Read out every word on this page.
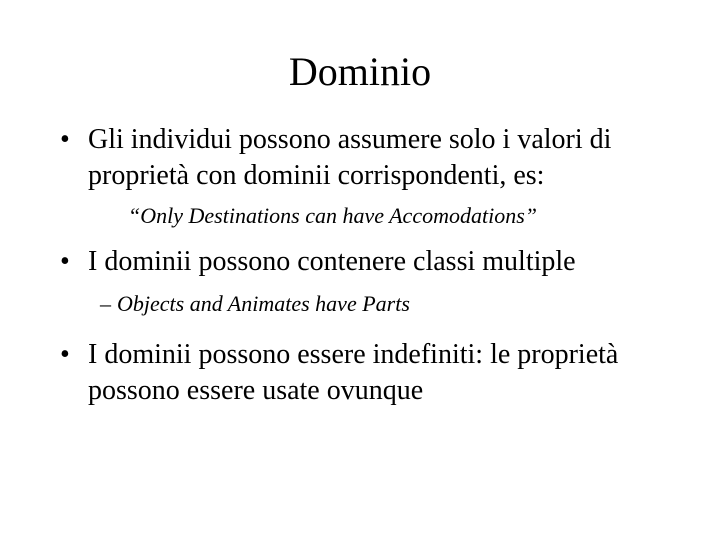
Dominio
• Gli individui possono assumere solo i valori di proprietà con dominii corrispondenti, es:

“Only Destinations can have Accomodations”

• I dominii possono contenere classi multiple

– Objects and Animates have Parts

• I dominii possono essere indefiniti: le proprietà possono essere usate ovunque
